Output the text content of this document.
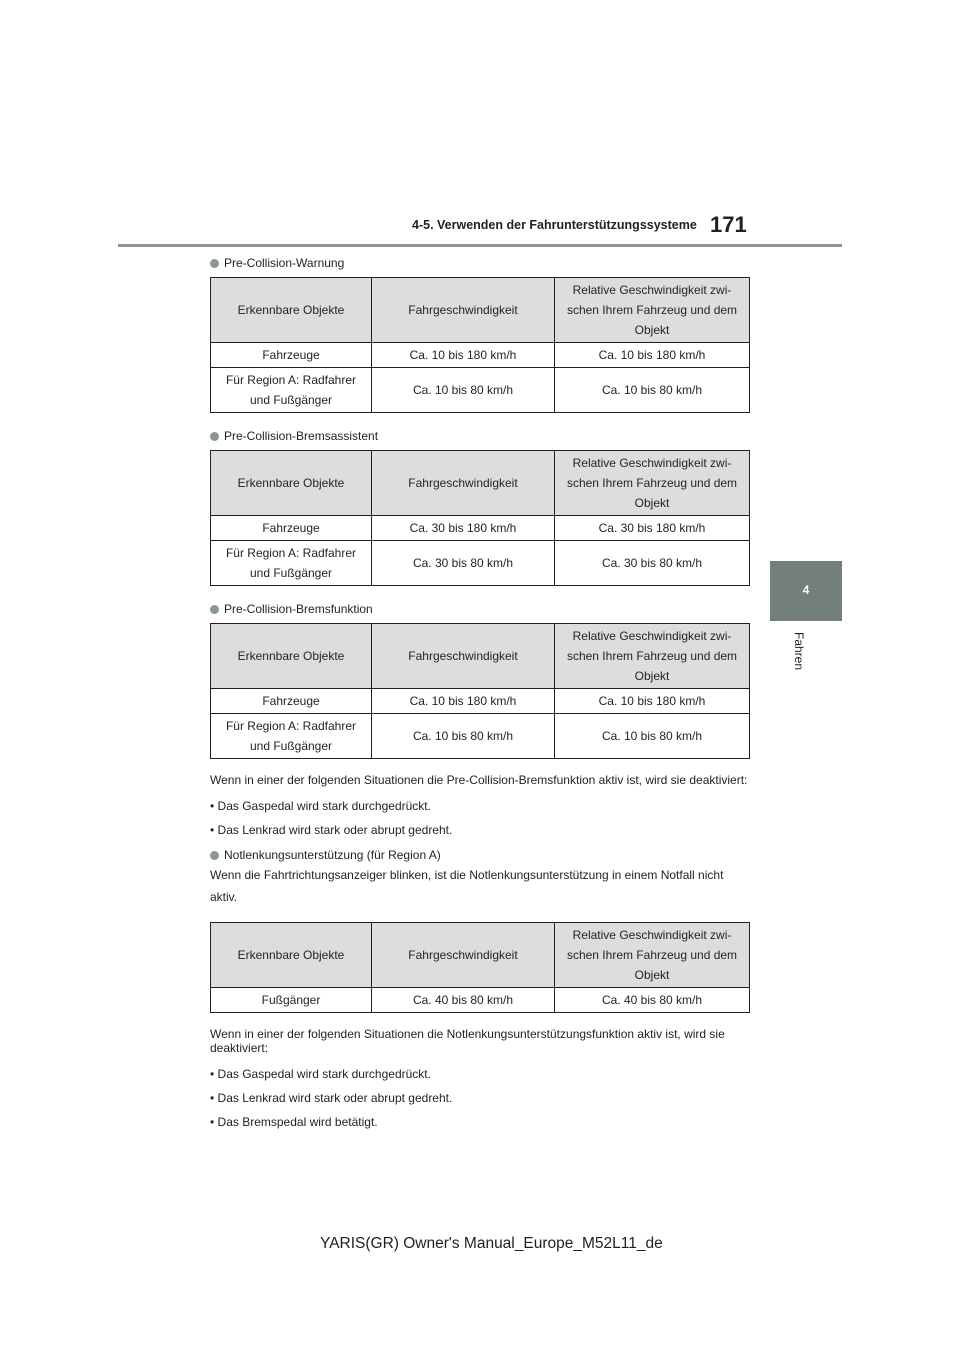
4-5. Verwenden der Fahrunterstützungssysteme 171
4
Fahren
Pre-Collision-Warnung
Erkennbare Objekte	Fahrgeschwindigkeit	Relative Geschwindigkeit zwi- schen Ihrem Fahrzeug und dem Objekt
Fahrzeuge	Ca. 10 bis 180 km/h	Ca. 10 bis 180 km/h
Für Region A: Radfahrer und Fußgänger	Ca. 10 bis 80 km/h	Ca. 10 bis 80 km/h
Pre-Collision-Bremsassistent
Erkennbare Objekte	Fahrgeschwindigkeit	Relative Geschwindigkeit zwi- schen Ihrem Fahrzeug und dem Objekt
Fahrzeuge	Ca. 30 bis 180 km/h	Ca. 30 bis 180 km/h
Für Region A: Radfahrer und Fußgänger	Ca. 30 bis 80 km/h	Ca. 30 bis 80 km/h
Pre-Collision-Bremsfunktion
Erkennbare Objekte	Fahrgeschwindigkeit	Relative Geschwindigkeit zwi- schen Ihrem Fahrzeug und dem Objekt
Fahrzeuge	Ca. 10 bis 180 km/h	Ca. 10 bis 180 km/h
Für Region A: Radfahrer und Fußgänger	Ca. 10 bis 80 km/h	Ca. 10 bis 80 km/h

Wenn in einer der folgenden Situationen die Pre-Collision-Bremsfunktion aktiv ist, wird sie deaktiviert:

• Das Gaspedal wird stark durchgedrückt.

• Das Lenkrad wird stark oder abrupt gedreht.

Notlenkungsunterstützung (für Region A)

Wenn die Fahrtrichtungsanzeiger blinken, ist die Notlenkungsunterstützung in einem Notfall nicht aktiv.

Erkennbare Objekte	Fahrgeschwindigkeit	Relative Geschwindigkeit zwi- schen Ihrem Fahrzeug und dem Objekt
Fußgänger	Ca. 40 bis 80 km/h	Ca. 40 bis 80 km/h

Wenn in einer der folgenden Situationen die Notlenkungsunterstützungsfunktion aktiv ist, wird sie deaktiviert:

• Das Gaspedal wird stark durchgedrückt.

• Das Lenkrad wird stark oder abrupt gedreht.

• Das Bremspedal wird betätigt.

YARIS(GR) Owner's Manual_Europe_M52L11_de
